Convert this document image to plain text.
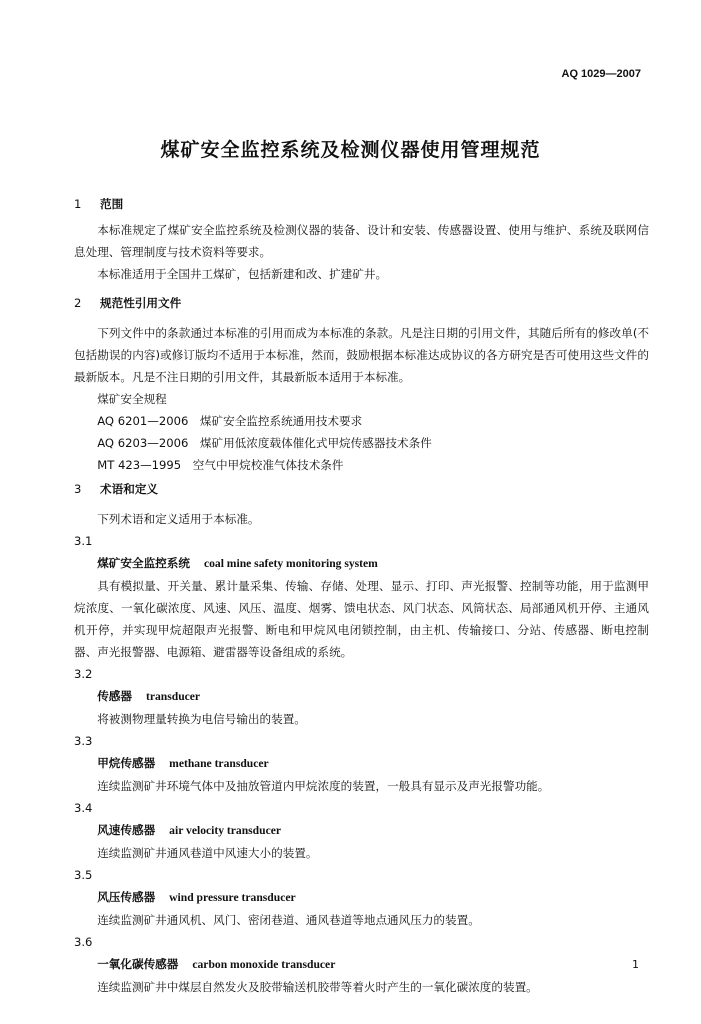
AQ 1029—2007
煤矿安全监控系统及检测仪器使用管理规范
1 范围

本标准规定了煤矿安全监控系统及检测仪器的装备、设计和安装、传感器设置、使用与维护、系统及联网信息处理、管理制度与技术资料等要求。

本标准适用于全国井工煤矿，包括新建和改、扩建矿井。

2 规范性引用文件

下列文件中的条款通过本标准的引用而成为本标准的条款。凡是注日期的引用文件，其随后所有的修改单(不包括勘误的内容)或修订版均不适用于本标准，然而，鼓励根据本标准达成协议的各方研究是否可使用这些文件的最新版本。凡是不注日期的引用文件，其最新版本适用于本标准。

煤矿安全规程

AQ 6201—2006　煤矿安全监控系统通用技术要求

AQ 6203—2006　煤矿用低浓度载体催化式甲烷传感器技术条件

MT 423—1995　空气中甲烷校准气体技术条件

3 术语和定义

下列术语和定义适用于本标准。

3.1

煤矿安全监控系统 coal mine safety monitoring system

具有模拟量、开关量、累计量采集、传输、存储、处理、显示、打印、声光报警、控制等功能，用于监测甲烷浓度、一氧化碳浓度、风速、风压、温度、烟雾、馈电状态、风门状态、风筒状态、局部通风机开停、主通风机开停，并实现甲烷超限声光报警、断电和甲烷风电闭锁控制，由主机、传输接口、分站、传感器、断电控制器、声光报警器、电源箱、避雷器等设备组成的系统。

3.2

传感器 transducer

将被测物理量转换为电信号输出的装置。

3.3

甲烷传感器 methane transducer

连续监测矿井环境气体中及抽放管道内甲烷浓度的装置，一般具有显示及声光报警功能。

3.4

风速传感器 air velocity transducer

连续监测矿井通风巷道中风速大小的装置。

3.5

风压传感器 wind pressure transducer

连续监测矿井通风机、风门、密闭巷道、通风巷道等地点通风压力的装置。

3.6

一氧化碳传感器 carbon monoxide transducer

连续监测矿井中煤层自然发火及胶带输送机胶带等着火时产生的一氧化碳浓度的装置。

1
